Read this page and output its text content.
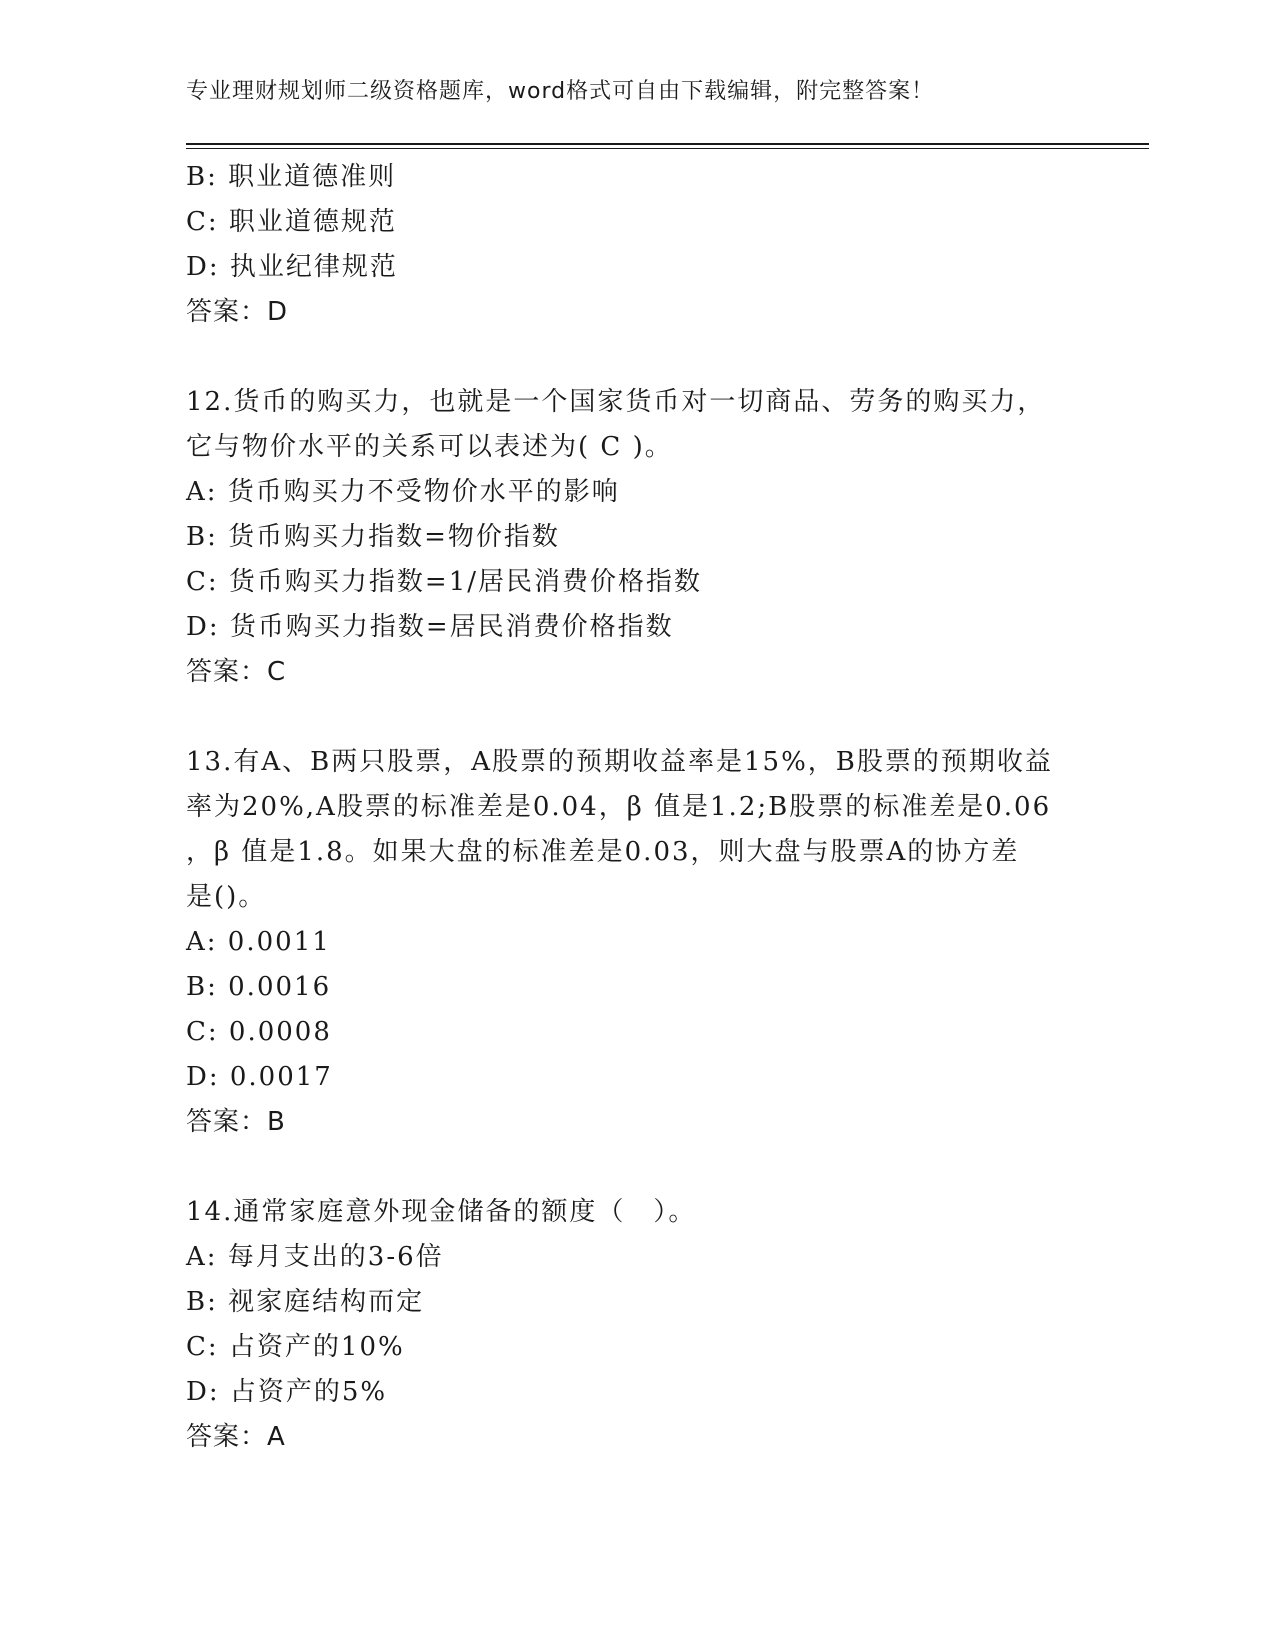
专业理财规划师二级资格题库，word格式可自由下载编辑，附完整答案！
B: 职业道德准则
C: 职业道德规范
D: 执业纪律规范
答案：D
12.货币的购买力，也就是一个国家货币对一切商品、劳务的购买力，
它与物价水平的关系可以表述为( C )。
A: 货币购买力不受物价水平的影响
B: 货币购买力指数=物价指数
C: 货币购买力指数=1/居民消费价格指数
D: 货币购买力指数=居民消费价格指数
答案：C
13.有A、B两只股票，A股票的预期收益率是15%，B股票的预期收益
率为20%,A股票的标准差是0.04，β 值是1.2;B股票的标准差是0.06
，β 值是1.8。如果大盘的标准差是0.03，则大盘与股票A的协方差
是()。
A: 0.0011
B: 0.0016
C: 0.0008
D: 0.0017
答案：B
14.通常家庭意外现金储备的额度（　）。
A: 每月支出的3-6倍
B: 视家庭结构而定
C: 占资产的10%
D: 占资产的5%
答案：A
